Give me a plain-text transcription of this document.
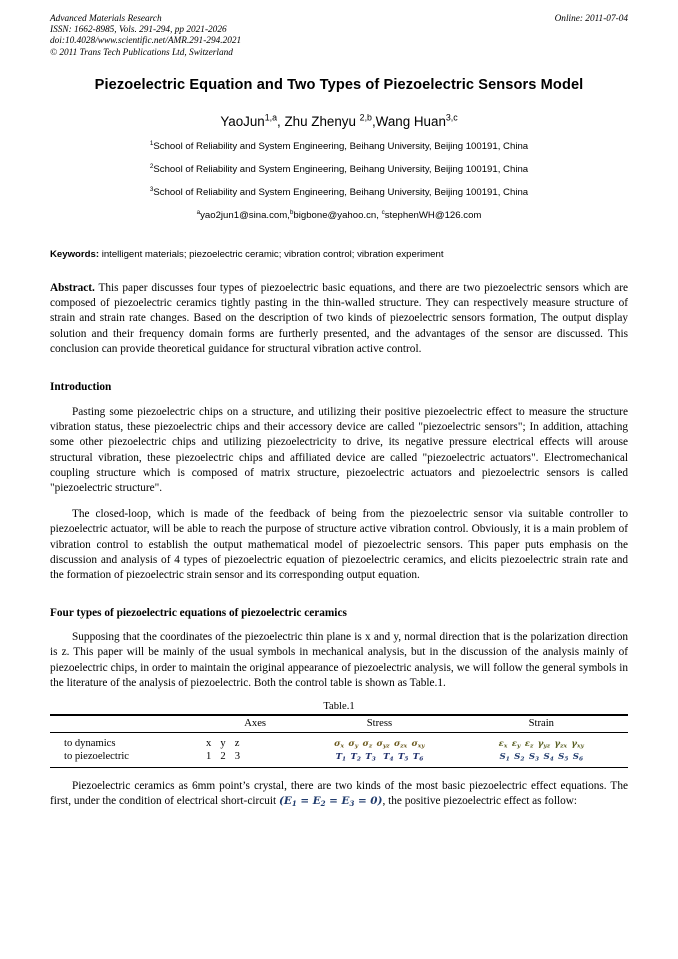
Advanced Materials Research
ISSN: 1662-8985, Vols. 291-294, pp 2021-2026
doi:10.4028/www.scientific.net/AMR.291-294.2021
© 2011 Trans Tech Publications Ltd, Switzerland
Online: 2011-07-04
Piezoelectric Equation and Two Types of Piezoelectric Sensors Model
YaoJun$^{1,a}$, Zhu Zhenyu $^{2,b}$,Wang Huan$^{3,c}$
$^1$School of Reliability and System Engineering, Beihang University, Beijing 100191, China
$^2$School of Reliability and System Engineering, Beihang University, Beijing 100191, China
$^3$School of Reliability and System Engineering, Beihang University, Beijing 100191, China
$^a$yao2jun1@sina.com,$^b$bigbone@yahoo.cn, $^c$stephenWH@126.com
Keywords: intelligent materials; piezoelectric ceramic; vibration control; vibration experiment
Abstract. This paper discusses four types of piezoelectric basic equations, and there are two piezoelectric sensors which are composed of piezoelectric ceramics tightly pasting in the thin-walled structure. They can respectively measure structure of strain and strain rate changes. Based on the description of two kinds of piezoelectric sensors formation, The output display solution and their frequency domain forms are furtherly presented, and the advantages of the sensor are discussed. This conclusion can provide theoretical guidance for structural vibration active control.
Introduction

Pasting some piezoelectric chips on a structure, and utilizing their positive piezoelectric effect to measure the structure vibration status, these piezoelectric chips and their accessory device are called "piezoelectric sensors"; In addition, attaching some other piezoelectric chips and utilizing piezoelectricity to drive, its negative pressure electrical effects will arouse structural vibration, these piezoelectric chips and affiliated device are called "piezoelectric actuators". Electromechanical coupling structure which is composed of matrix structure, piezoelectric actuators and piezoelectric sensors is called "piezoelectric structure".

The closed-loop, which is made of the feedback of being from the piezoelectric sensor via suitable controller to piezoelectric actuator, will be able to reach the purpose of structure active vibration control. Obviously, it is a main problem of vibration control to establish the output mathematical model of piezoelectric sensors. This paper puts emphasis on the discussion and analysis of 4 types of piezoelectric equation of piezoelectric ceramics, and elicits piezoelectric strain rate and the formation of piezoelectric strain sensor and its corresponding output equation.

Four types of piezoelectric equations of piezoelectric ceramics

Supposing that the coordinates of the piezoelectric thin plane is x and y, normal direction that is the polarization direction is z. This paper will be mainly of the usual symbols in mechanical analysis, but in the discussion of the analysis mainly of piezoelectric chips, in order to maintain the original appearance of piezoelectric analysis, we will follow the general symbols in the literature of the analysis of piezoelectric. Both the control table is shown as Table.1.

Table.1

	Axes	Stress	Strain
to dynamics	x y z	$\sigma_x$ $\sigma_y$ $\sigma_z$ $\sigma_{yz}$ $\sigma_{zx}$ $\sigma_{xy}$	$\varepsilon_x$ $\varepsilon_y$ $\varepsilon_z$ $\gamma_{yz}$ $\gamma_{zx}$ $\gamma_{xy}$
to piezoelectric	1 2 3	$T_1$ $T_2$ $T_3$ $T_4$ $T_5$ $T_6$	$S_1$ $S_2$ $S_3$ $S_4$ $S_5$ $S_6$

Piezoelectric ceramics as 6mm point’s crystal, there are two kinds of the most basic piezoelectric effect equations. The first, under the condition of electrical short-circuit $(E_1 = E_2 = E_3 = 0)$, the positive piezoelectric effect as follow:
